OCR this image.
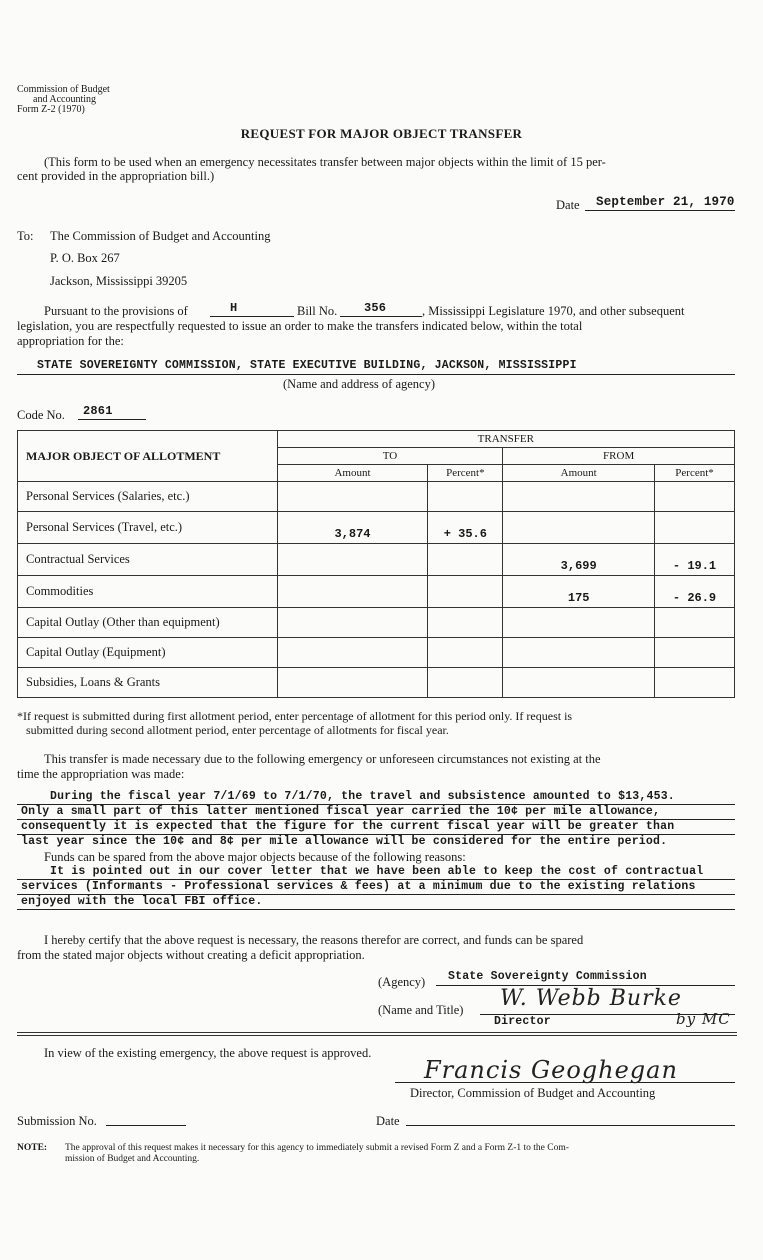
Commission of Budget
and Accounting
Form Z-2 (1970)
REQUEST FOR MAJOR OBJECT TRANSFER
(This form to be used when an emergency necessitates transfer between major objects within the limit of 15 per-
cent provided in the appropriation bill.)
Date September 21, 1970
To: The Commission of Budget and Accounting
P. O. Box 267
Jackson, Mississippi 39205
Pursuant to the provisions of	H	Bill No. 356	, Mississippi Legislature 1970, and other subsequent
legislation, you are respectfully requested to issue an order to make the transfers indicated below, within the total
appropriation for the:
STATE SOVEREIGNTY COMMISSION, STATE EXECUTIVE BUILDING, JACKSON, MISSISSIPPI
(Name and address of agency)
Code No. 2861
MAJOR OBJECT OF ALLOTMENT	TRANSFER			
	TO		FROM	
	Amount	Percent*	Amount	Percent*
Personal Services (Salaries, etc.)				
Personal Services (Travel, etc.)	3,874	+ 35.6		
Contractual Services			3,699	- 19.1
Commodities			175	- 26.9
Capital Outlay (Other than equipment)				
Capital Outlay (Equipment)				
Subsidies, Loans & Grants				
*If request is submitted during first allotment period, enter percentage of allotment for this period only. If request is
submitted during second allotment period, enter percentage of allotments for fiscal year.
This transfer is made necessary due to the following emergency or unforeseen circumstances not existing at the
time the appropriation was made:
During the fiscal year 7/1/69 to 7/1/70, the travel and subsistence amounted to $13,453.
Only a small part of this latter mentioned fiscal year carried the 10¢ per mile allowance,
consequently it is expected that the figure for the current fiscal year will be greater than
last year since the 10¢ and 8¢ per mile allowance will be considered for the entire period.
Funds can be spared from the above major objects because of the following reasons:
It is pointed out in our cover letter that we have been able to keep the cost of contractual
services (Informants - Professional services & fees) at a minimum due to the existing relations
enjoyed with the local FBI office.
I hereby certify that the above request is necessary, the reasons therefor are correct, and funds can be spared
from the stated major objects without creating a deficit appropriation.
(Agency) State Sovereignty Commission
(Name and Title) W. Webb Burke
Director	by MC
In view of the existing emergency, the above request is approved.
Francis Geoghegan
Director, Commission of Budget and Accounting
Submission No.	Date
NOTE: The approval of this request makes it necessary for this agency to immediately submit a revised Form Z and a Form Z-1 to the Com-
mission of Budget and Accounting.
